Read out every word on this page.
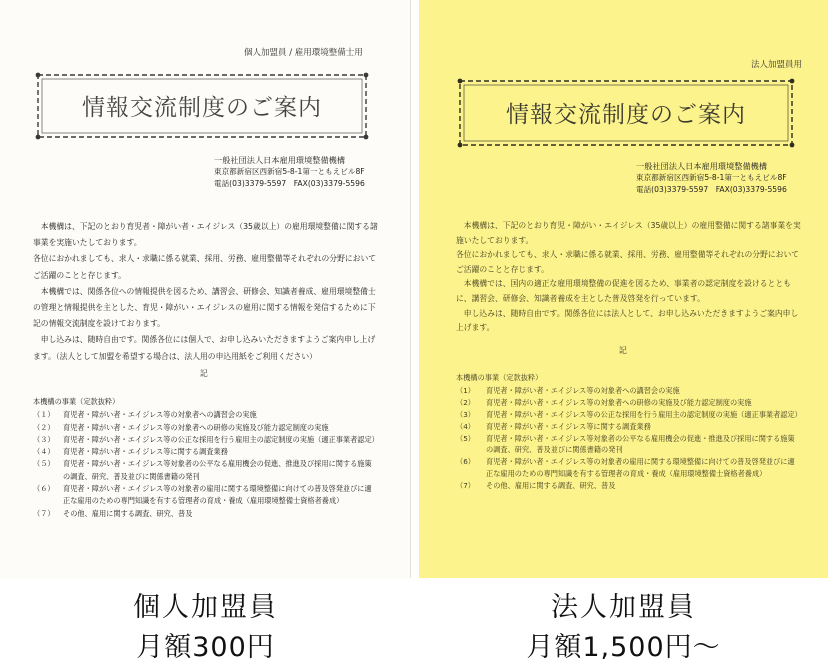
個人加盟員 / 雇用環境整備士用
情報交流制度のご案内
一般社団法人日本雇用環境整備機構
東京都新宿区西新宿5-8-1第一ともえビル8F
電話(03)3379-5597　FAX(03)3379-5596

本機構は、下記のとおり育児者・障がい者・エイジレス（35歳以上）の雇用環境整備に関する諸事業を実施いたしております。

各位におかれましても、求人・求職に係る就業、採用、労務、雇用整備等それぞれの分野においてご活躍のことと存じます。

本機構では、関係各位への情報提供を図るため、講習会、研修会、知識者養成、雇用環境整備士の管理と情報提供を主とした、育児・障がい・エイジレスの雇用に関する情報を発信するために下記の情報交流制度を設けております。

申し込みは、随時自由です。関係各位には個人で、お申し込みいただきますようご案内申し上げます。（法人として加盟を希望する場合は、法人用の申込用紙をご利用ください）

記

本機構の事業（定款抜粋）

（１） 育児者・障がい者・エイジレス等の対象者への講習会の実施

（２） 育児者・障がい者・エイジレス等の対象者への研修の実施及び能力認定制度の実施

（３） 育児者・障がい者・エイジレス等の公正な採用を行う雇用主の認定制度の実施（適正事業者認定）

（４） 育児者・障がい者・エイジレス等に関する調査業務

（５） 育児者・障がい者・エイジレス等対象者の公平なる雇用機会の促進、推進及び採用に関する施策
の調査、研究、普及並びに関係書籍の発刊

（６） 育児者・障がい者・エイジレス等の対象者の雇用に関する環境整備に向けての普及啓発並びに適
正な雇用のための専門知識を有する管理者の育成・養成（雇用環境整備士資格者養成）

（７） その他、雇用に関する調査、研究、普及

法人加盟員用
情報交流制度のご案内
一般社団法人日本雇用環境整備機構
東京都新宿区西新宿5-8-1第一ともえビル8F
電話(03)3379-5597　FAX(03)3379-5596

本機構は、下記のとおり育児・障がい・エイジレス（35歳以上）の雇用整備に関する諸事業を実施いたしております。

各位におかれましても、求人・求職に係る就業、採用、労務、雇用整備等それぞれの分野においてご活躍のことと存じます。

本機構では、国内の適正な雇用環境整備の促進を図るため、事業者の認定制度を設けるとともに、講習会、研修会、知識者養成を主とした普及啓発を行っています。

申し込みは、随時自由です。関係各位には法人として、お申し込みいただきますようご案内申し上げます。

記

本機構の事業（定款抜粋）

（1） 育児者・障がい者・エイジレス等の対象者への講習会の実施

（2） 育児者・障がい者・エイジレス等の対象者への研修の実施及び能力認定制度の実施

（3） 育児者・障がい者・エイジレス等の公正な採用を行う雇用主の認定制度の実施（適正事業者認定）

（4） 育児者・障がい者・エイジレス等に関する調査業務

（5） 育児者・障がい者・エイジレス等対象者の公平なる雇用機会の促進・推進及び採用に関する施策
の調査、研究、普及並びに関係書籍の発刊

（6） 育児者・障がい者・エイジレス等の対象者の雇用に関する環境整備に向けての普及啓発並びに適
正な雇用のための専門知識を有する管理者の育成・養成（雇用環境整備士資格者養成）

（7） その他、雇用に関する調査、研究、普及

個人加盟員
月額300円
法人加盟員
月額1,500円〜
